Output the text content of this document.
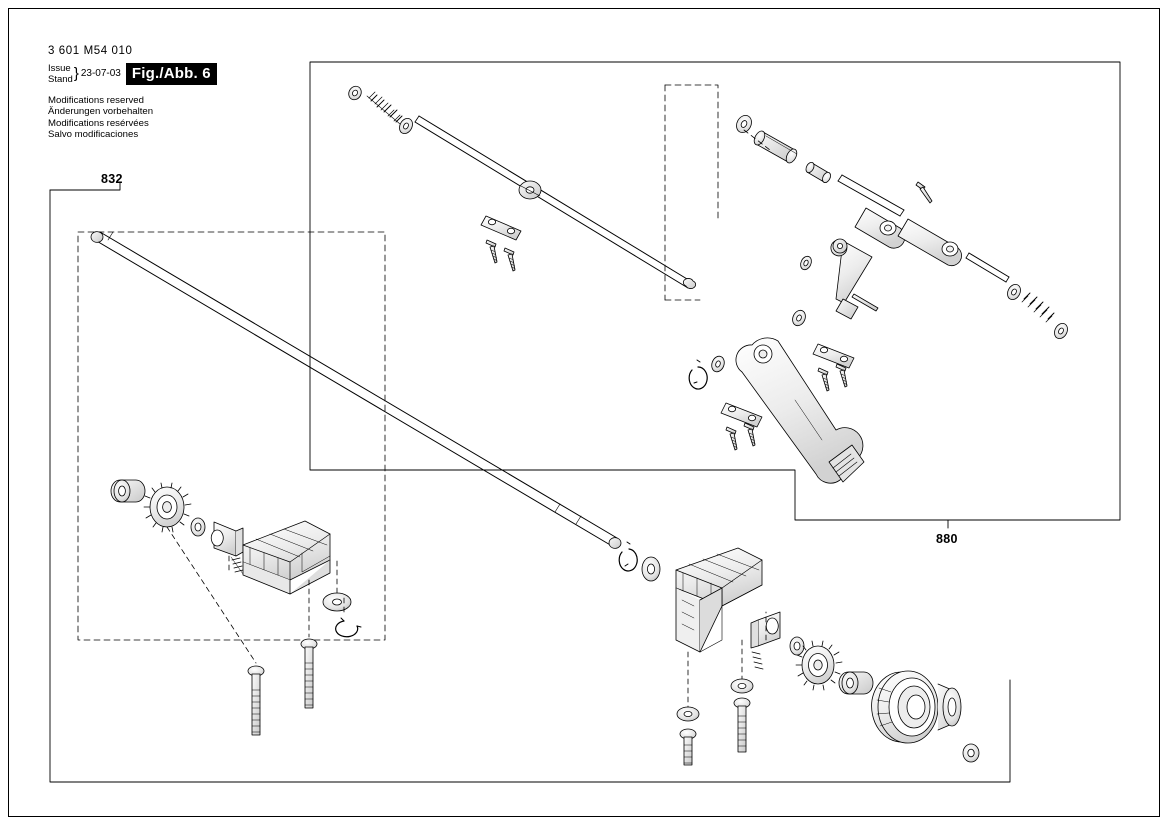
3 601 M54 010
Issue
Stand } 23-07-03 Fig./Abb. 6
Modifications reserved
Änderungen vorbehalten
Modifications resérvées
Salvo modificaciones
832
880
